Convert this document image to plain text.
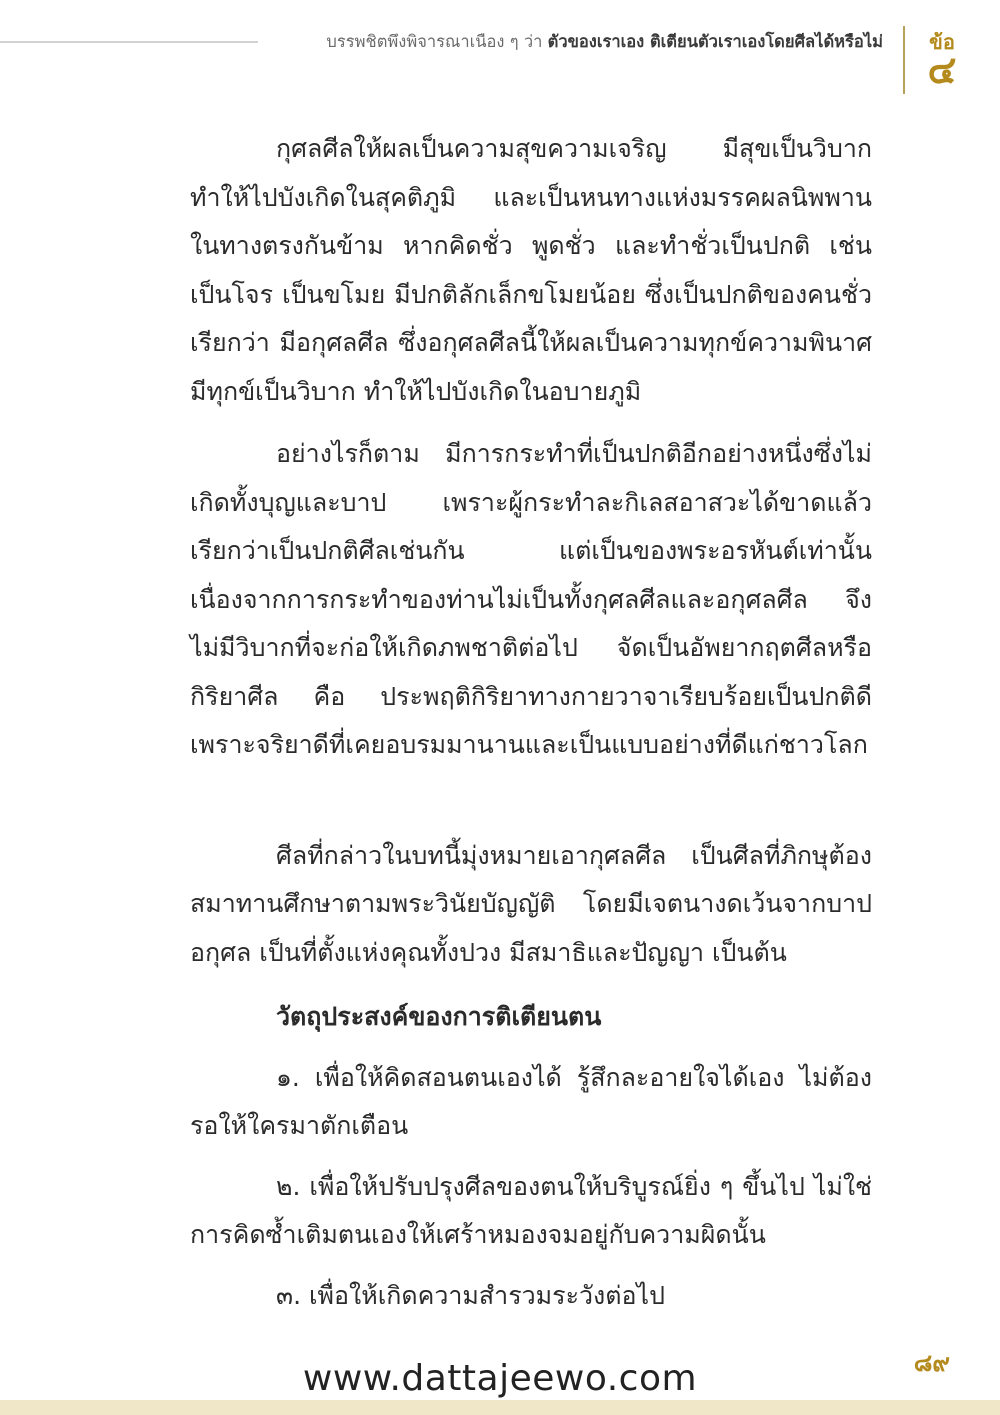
บรรพชิตพึงพิจารณาเนือง ๆ ว่า ตัวของเราเอง ติเตียนตัวเราเองโดยศีลได้หรือไม่	ข้อ
๔

กุศลศีลให้ผลเป็นความสุขความเจริญ มีสุขเป็นวิบาก ทำให้ไปบังเกิดในสุคติภูมิ และเป็นหนทางแห่งมรรคผลนิพพาน ในทางตรงกันข้าม หากคิดชั่ว พูดชั่ว และทำชั่วเป็นปกติ เช่น เป็นโจร เป็นขโมย มีปกติลักเล็กขโมยน้อย ซึ่งเป็นปกติของคนชั่ว เรียกว่า มีอกุศลศีล ซึ่งอกุศลศีลนี้ให้ผลเป็นความทุกข์ความพินาศ มีทุกข์เป็นวิบาก ทำให้ไปบังเกิดในอบายภูมิ

อย่างไรก็ตาม มีการกระทำที่เป็นปกติอีกอย่างหนึ่งซึ่งไม่เกิดทั้งบุญและบาป เพราะผู้กระทำละกิเลสอาสวะได้ขาดแล้ว เรียกว่าเป็นปกติศีลเช่นกัน แต่เป็นของพระอรหันต์เท่านั้น เนื่องจากการกระทำของท่านไม่เป็นทั้งกุศลศีลและอกุศลศีล จึงไม่มีวิบากที่จะก่อให้เกิดภพชาติต่อไป จัดเป็นอัพยากฤตศีลหรือกิริยาศีล คือ ประพฤติกิริยาทางกายวาจาเรียบร้อยเป็นปกติดี เพราะจริยาดีที่เคยอบรมมานานและเป็นแบบอย่างที่ดีแก่ชาวโลก

ศีลที่กล่าวในบทนี้มุ่งหมายเอากุศลศีล เป็นศีลที่ภิกษุต้องสมาทานศึกษาตามพระวินัยบัญญัติ โดยมีเจตนางดเว้นจากบาปอกุศล เป็นที่ตั้งแห่งคุณทั้งปวง มีสมาธิและปัญญา เป็นต้น

วัตถุประสงค์ของการติเตียนตน

๑. เพื่อให้คิดสอนตนเองได้ รู้สึกละอายใจได้เอง ไม่ต้องรอให้ใครมาตักเตือน

๒. เพื่อให้ปรับปรุงศีลของตนให้บริบูรณ์ยิ่ง ๆ ขึ้นไป ไม่ใช่การคิดซ้ำเติมตนเองให้เศร้าหมองจมอยู่กับความผิดนั้น

๓. เพื่อให้เกิดความสำรวมระวังต่อไป

๘๙
www.dattajeewo.com
